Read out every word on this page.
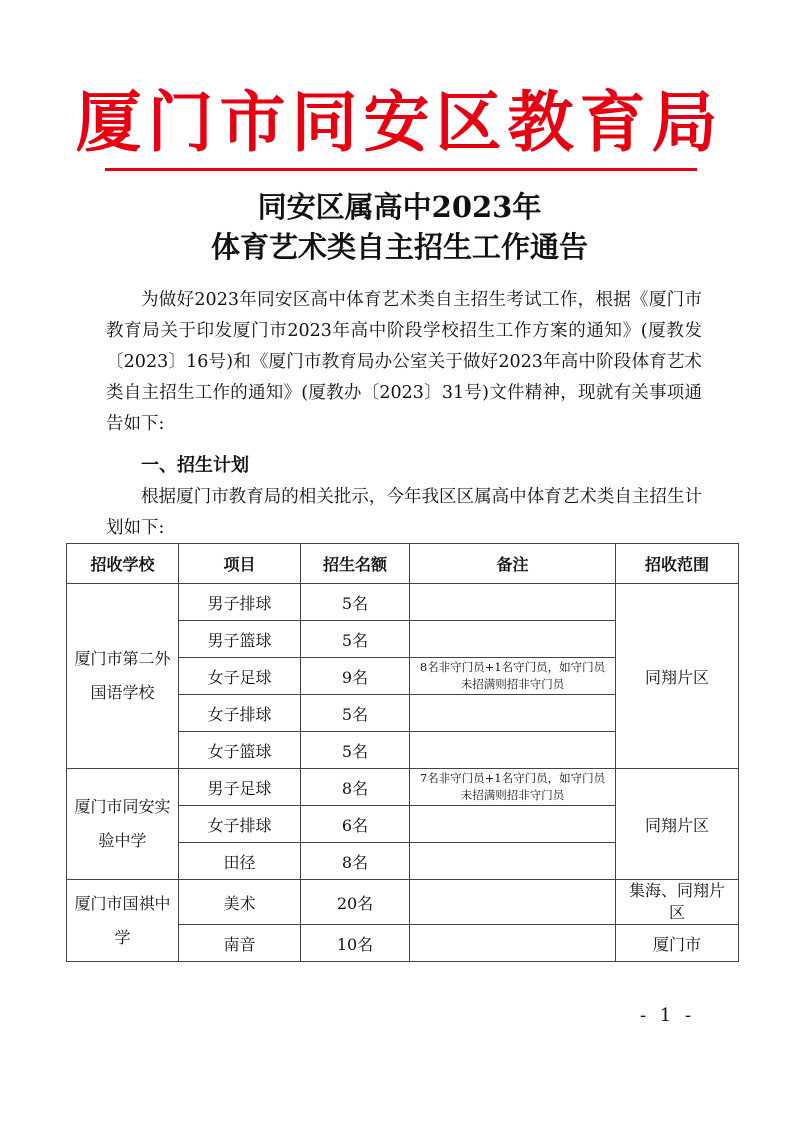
厦门市同安区教育局
同安区属高中2023年
体育艺术类自主招生工作通告

为做好2023年同安区高中体育艺术类自主招生考试工作，根据《厦门市教育局关于印发厦门市2023年高中阶段学校招生工作方案的通知》(厦教发〔2023〕16号)和《厦门市教育局办公室关于做好2023年高中阶段体育艺术类自主招生工作的通知》(厦教办〔2023〕31号)文件精神，现就有关事项通告如下:

一、招生计划

根据厦门市教育局的相关批示，今年我区区属高中体育艺术类自主招生计划如下:

招收学校	项目	招生名额	备注	招收范围
厦门市第二外国语学校	男子排球	5名		同翔片区
	男子篮球	5名		
	女子足球	9名	8名非守门员+1名守门员，如守门员未招满则招非守门员	
	女子排球	5名		
	女子篮球	5名		
厦门市同安实验中学	男子足球	8名	7名非守门员+1名守门员，如守门员未招满则招非守门员	同翔片区
	女子排球	6名		
	田径	8名		
厦门市国祺中学	美术	20名		集海、同翔片区
	南音	10名		厦门市
- 1 -
